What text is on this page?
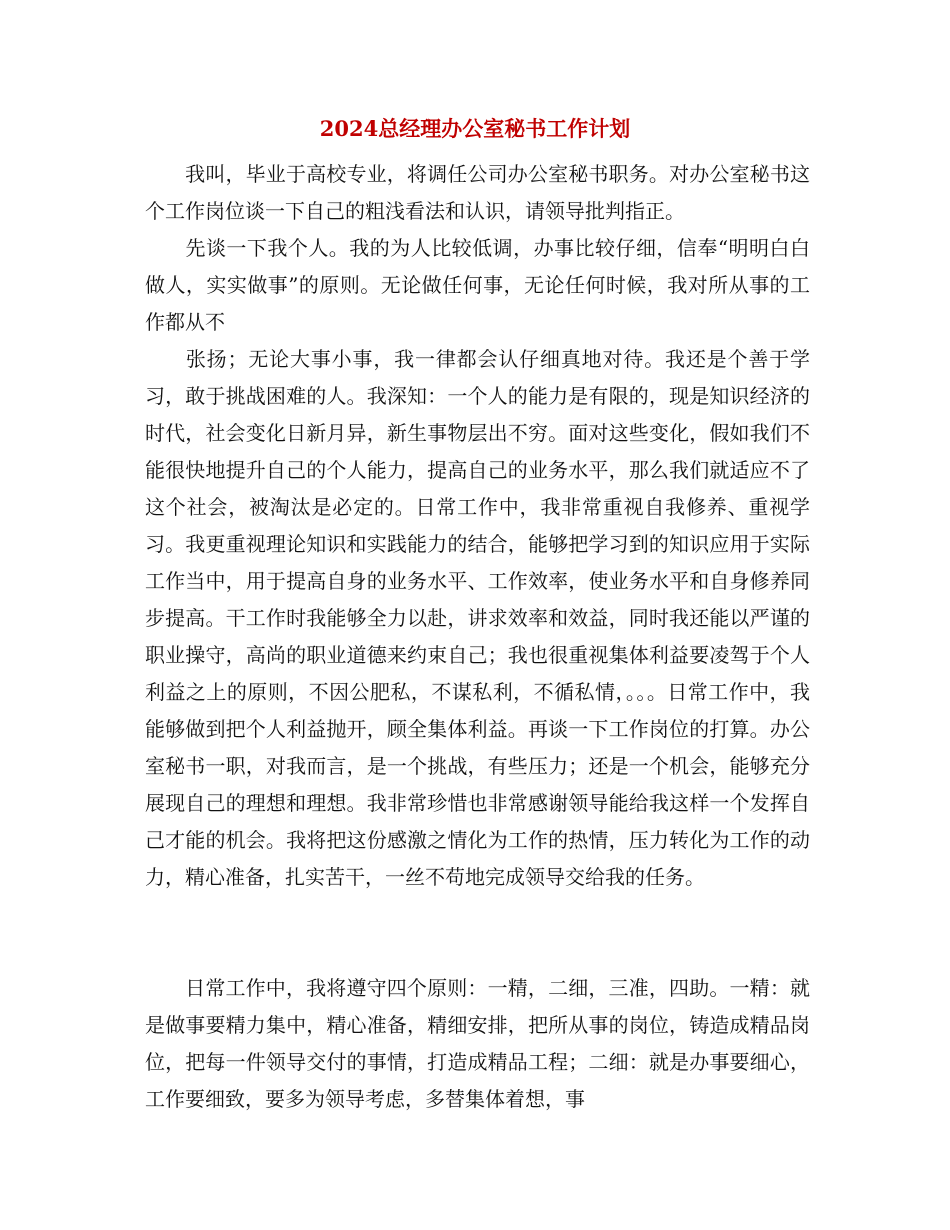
2024总经理办公室秘书工作计划

我叫，毕业于高校专业，将调任公司办公室秘书职务。对办公室秘书这个工作岗位谈一下自己的粗浅看法和认识，请领导批判指正。

先谈一下我个人。我的为人比较低调，办事比较仔细，信奉“明明白白做人，实实做事”的原则。无论做任何事，无论任何时候，我对所从事的工作都从不

张扬；无论大事小事，我一律都会认仔细真地对待。我还是个善于学习，敢于挑战困难的人。我深知：一个人的能力是有限的，现是知识经济的时代，社会变化日新月异，新生事物层出不穷。面对这些变化，假如我们不能很快地提升自己的个人能力，提高自己的业务水平，那么我们就适应不了这个社会，被淘汰是必定的。日常工作中，我非常重视自我修养、重视学习。我更重视理论知识和实践能力的结合，能够把学习到的知识应用于实际工作当中，用于提高自身的业务水平、工作效率，使业务水平和自身修养同步提高。干工作时我能够全力以赴，讲求效率和效益，同时我还能以严谨的职业操守，高尚的职业道德来约束自己；我也很重视集体利益要凌驾于个人利益之上的原则，不因公肥私，不谋私利，不循私情，。。。日常工作中，我能够做到把个人利益抛开，顾全集体利益。再谈一下工作岗位的打算。办公室秘书一职，对我而言，是一个挑战，有些压力；还是一个机会，能够充分展现自己的理想和理想。我非常珍惜也非常感谢领导能给我这样一个发挥自己才能的机会。我将把这份感激之情化为工作的热情，压力转化为工作的动力，精心准备，扎实苦干，一丝不苟地完成领导交给我的任务。

日常工作中，我将遵守四个原则：一精，二细，三准，四助。一精：就是做事要精力集中，精心准备，精细安排，把所从事的岗位，铸造成精品岗位，把每一件领导交付的事情，打造成精品工程；二细：就是办事要细心，工作要细致，要多为领导考虑，多替集体着想，事
